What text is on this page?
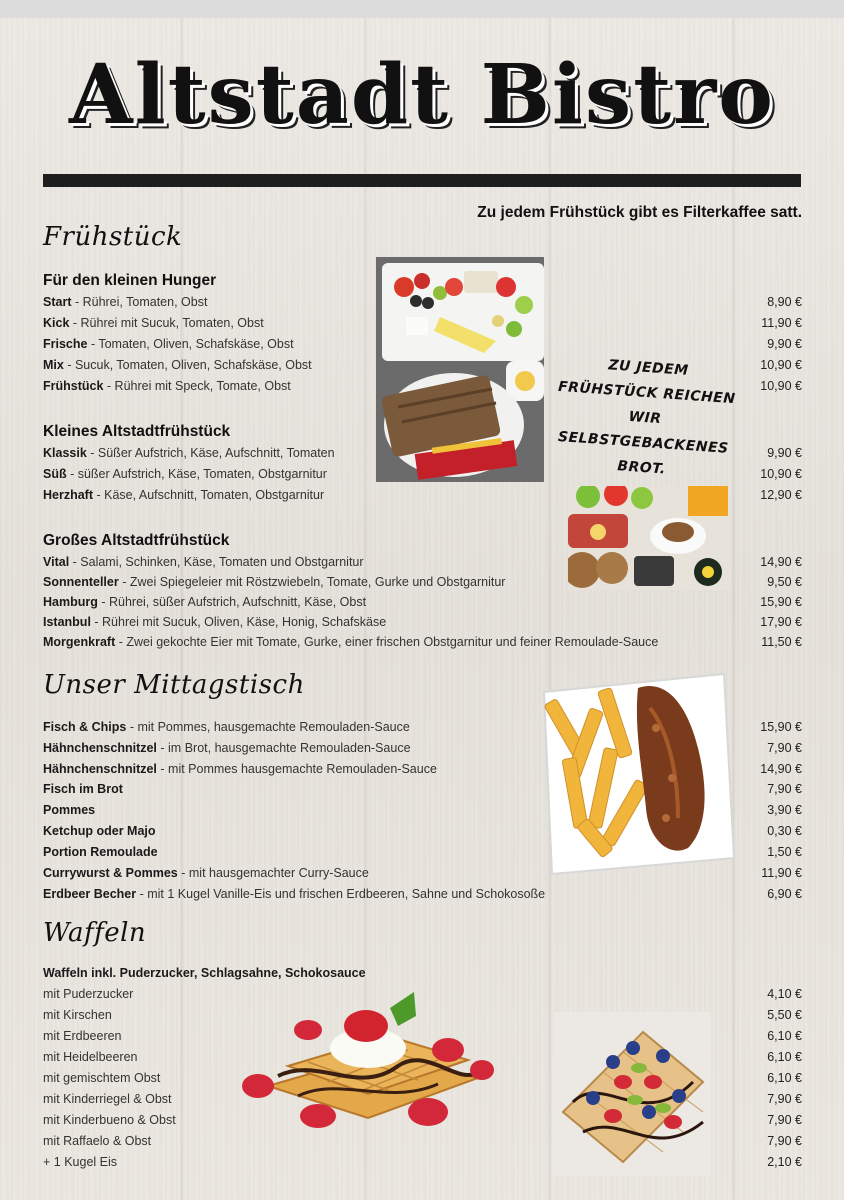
Altstadt Bistro
Zu jedem Frühstück gibt es Filterkaffee satt.
Frühstück
Für den kleinen Hunger
Start - Rührei, Tomaten, Obst	8,90 €
Kick - Rührei mit Sucuk, Tomaten, Obst	11,90 €
Frische - Tomaten, Oliven, Schafskäse, Obst	9,90 €
Mix - Sucuk, Tomaten, Oliven, Schafskäse, Obst	10,90 €
Frühstück - Rührei mit Speck, Tomate, Obst	10,90 €
Kleines Altstadtfrühstück
Klassik - Süßer Aufstrich, Käse, Aufschnitt, Tomaten	9,90 €
Süß - süßer Aufstrich, Käse, Tomaten, Obstgarnitur	10,90 €
Herzhaft - Käse, Aufschnitt, Tomaten, Obstgarnitur	12,90 €
Großes Altstadtfrühstück
Vital - Salami, Schinken, Käse, Tomaten und Obstgarnitur	14,90 €
Sonnenteller - Zwei Spiegeleier mit Röstzwiebeln, Tomate, Gurke und Obstgarnitur	9,50 €
Hamburg - Rührei, süßer Aufstrich, Aufschnitt, Käse, Obst	15,90 €
Istanbul - Rührei mit Sucuk, Oliven, Käse, Honig, Schafskäse	17,90 €
Morgenkraft - Zwei gekochte Eier mit Tomate, Gurke, einer frischen Obstgarnitur und feiner Remoulade-Sauce	11,50 €
ZU JEDEM FRÜHSTÜCK REICHEN WIR SELBSTGEBACKENES BROT.
Unser Mittagstisch
Fisch & Chips - mit Pommes, hausgemachte Remouladen-Sauce	15,90 €
Hähnchenschnitzel - im Brot, hausgemachte Remouladen-Sauce	7,90 €
Hähnchenschnitzel - mit Pommes hausgemachte Remouladen-Sauce	14,90 €
Fisch im Brot	7,90 €
Pommes	3,90 €
Ketchup oder Majo	0,30 €
Portion Remoulade	1,50 €
Currywurst & Pommes - mit hausgemachter Curry-Sauce	11,90 €
Erdbeer Becher - mit 1 Kugel Vanille-Eis und frischen Erdbeeren, Sahne und Schokosoße	6,90 €
Waffeln
Waffeln inkl. Puderzucker, Schlagsahne, Schokosauce
mit Puderzucker	4,10 €
mit Kirschen	5,50 €
mit Erdbeeren	6,10 €
mit Heidelbeeren	6,10 €
mit gemischtem Obst	6,10 €
mit Kinderriegel & Obst	7,90 €
mit Kinderbueno & Obst	7,90 €
mit Raffaelo & Obst	7,90 €
+ 1 Kugel Eis	2,10 €
